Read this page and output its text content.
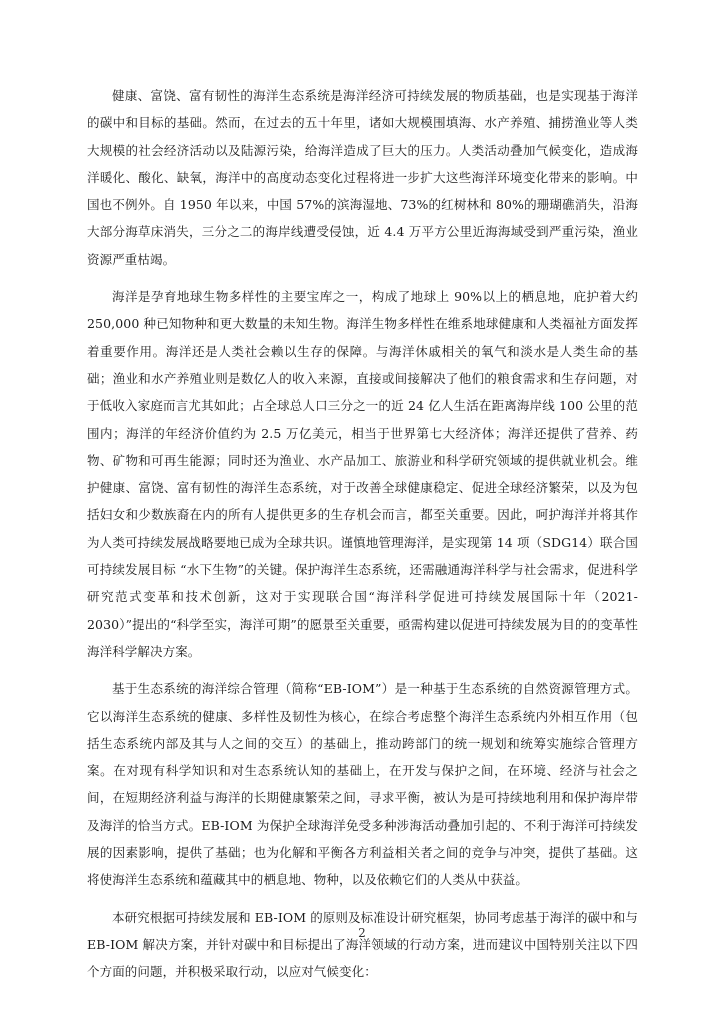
健康、富饶、富有韧性的海洋生态系统是海洋经济可持续发展的物质基础，也是实现基于海洋的碳中和目标的基础。然而，在过去的五十年里，诸如大规模围填海、水产养殖、捕捞渔业等人类大规模的社会经济活动以及陆源污染，给海洋造成了巨大的压力。人类活动叠加气候变化，造成海洋暖化、酸化、缺氧，海洋中的高度动态变化过程将进一步扩大这些海洋环境变化带来的影响。中国也不例外。自 1950 年以来，中国 57%的滨海湿地、73%的红树林和 80%的珊瑚礁消失，沿海大部分海草床消失，三分之二的海岸线遭受侵蚀，近 4.4 万平方公里近海海域受到严重污染，渔业资源严重枯竭。

海洋是孕育地球生物多样性的主要宝库之一，构成了地球上 90%以上的栖息地，庇护着大约 250,000 种已知物种和更大数量的未知生物。海洋生物多样性在维系地球健康和人类福祉方面发挥着重要作用。海洋还是人类社会赖以生存的保障。与海洋休戚相关的氧气和淡水是人类生命的基础；渔业和水产养殖业则是数亿人的收入来源，直接或间接解决了他们的粮食需求和生存问题，对于低收入家庭而言尤其如此；占全球总人口三分之一的近 24 亿人生活在距离海岸线 100 公里的范围内；海洋的年经济价值约为 2.5 万亿美元，相当于世界第七大经济体；海洋还提供了营养、药物、矿物和可再生能源；同时还为渔业、水产品加工、旅游业和科学研究领域的提供就业机会。维护健康、富饶、富有韧性的海洋生态系统，对于改善全球健康稳定、促进全球经济繁荣，以及为包括妇女和少数族裔在内的所有人提供更多的生存机会而言，都至关重要。因此，呵护海洋并将其作为人类可持续发展战略要地已成为全球共识。谨慎地管理海洋，是实现第 14 项（SDG14）联合国可持续发展目标 “水下生物”的关键。保护海洋生态系统，还需融通海洋科学与社会需求，促进科学研究范式变革和技术创新，这对于实现联合国“海洋科学促进可持续发展国际十年（2021-2030）”提出的“科学至实，海洋可期”的愿景至关重要，亟需构建以促进可持续发展为目的的变革性海洋科学解决方案。

基于生态系统的海洋综合管理（简称“EB-IOM”）是一种基于生态系统的自然资源管理方式。它以海洋生态系统的健康、多样性及韧性为核心，在综合考虑整个海洋生态系统内外相互作用（包括生态系统内部及其与人之间的交互）的基础上，推动跨部门的统一规划和统筹实施综合管理方案。在对现有科学知识和对生态系统认知的基础上，在开发与保护之间，在环境、经济与社会之间，在短期经济利益与海洋的长期健康繁荣之间，寻求平衡，被认为是可持续地利用和保护海岸带及海洋的恰当方式。EB-IOM 为保护全球海洋免受多种涉海活动叠加引起的、不利于海洋可持续发展的因素影响，提供了基础；也为化解和平衡各方利益相关者之间的竞争与冲突，提供了基础。这将使海洋生态系统和蕴藏其中的栖息地、物种，以及依赖它们的人类从中获益。

本研究根据可持续发展和 EB-IOM 的原则及标准设计研究框架，协同考虑基于海洋的碳中和与 EB-IOM 解决方案，并针对碳中和目标提出了海洋领域的行动方案，进而建议中国特别关注以下四个方面的问题，并积极采取行动，以应对气候变化：

2
